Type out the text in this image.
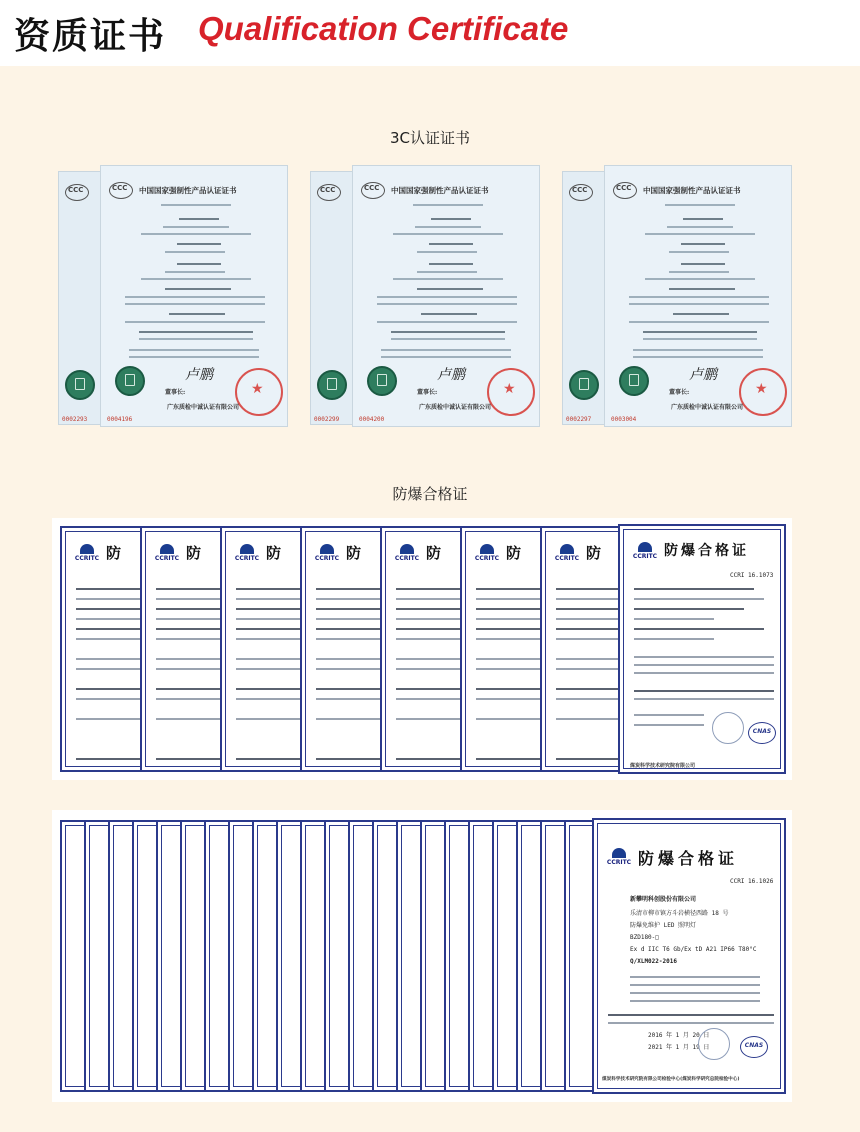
资质证书 Qualification Certificate
3C认证证书
CCC
0002293
CCC
中国国家强制性产品认证证书
卢鹏
★
董事长:
广东质检中诚认证有限公司
0004196
CCC	0002299
CCC
中国国家强制性产品认证证书
卢鹏
★
董事长:
广东质检中诚认证有限公司
0004200
CCC	0002297
CCC
中国国家强制性产品认证证书
卢鹏
★
董事长:
广东质检中诚认证有限公司
0003004
防爆合格证
CCRITC 防	CCRITC 防	CCRITC 防	CCRITC 防	CCRITC 防	CCRITC 防	CCRITC 防	CCRITC 防爆合格证
CCRI 16.1073
CNAS
煤炭科学技术研究院有限公司
CCRITC 防爆合格证
CCRI 16.1026
新攀明科创股份有限公司
乐清市柳市镇方斗岩横径西路 18 号
防爆免维护 LED 照明灯
BZD180-□
Ex d IIC T6 Gb/Ex tD A21 IP66 T80°C
Q/XLM022-2016
2016 年 1 月 20 日
2021 年 1 月 19 日	CNAS
煤炭科学技术研究院有限公司检验中心(煤炭科学研究总院检验中心)
